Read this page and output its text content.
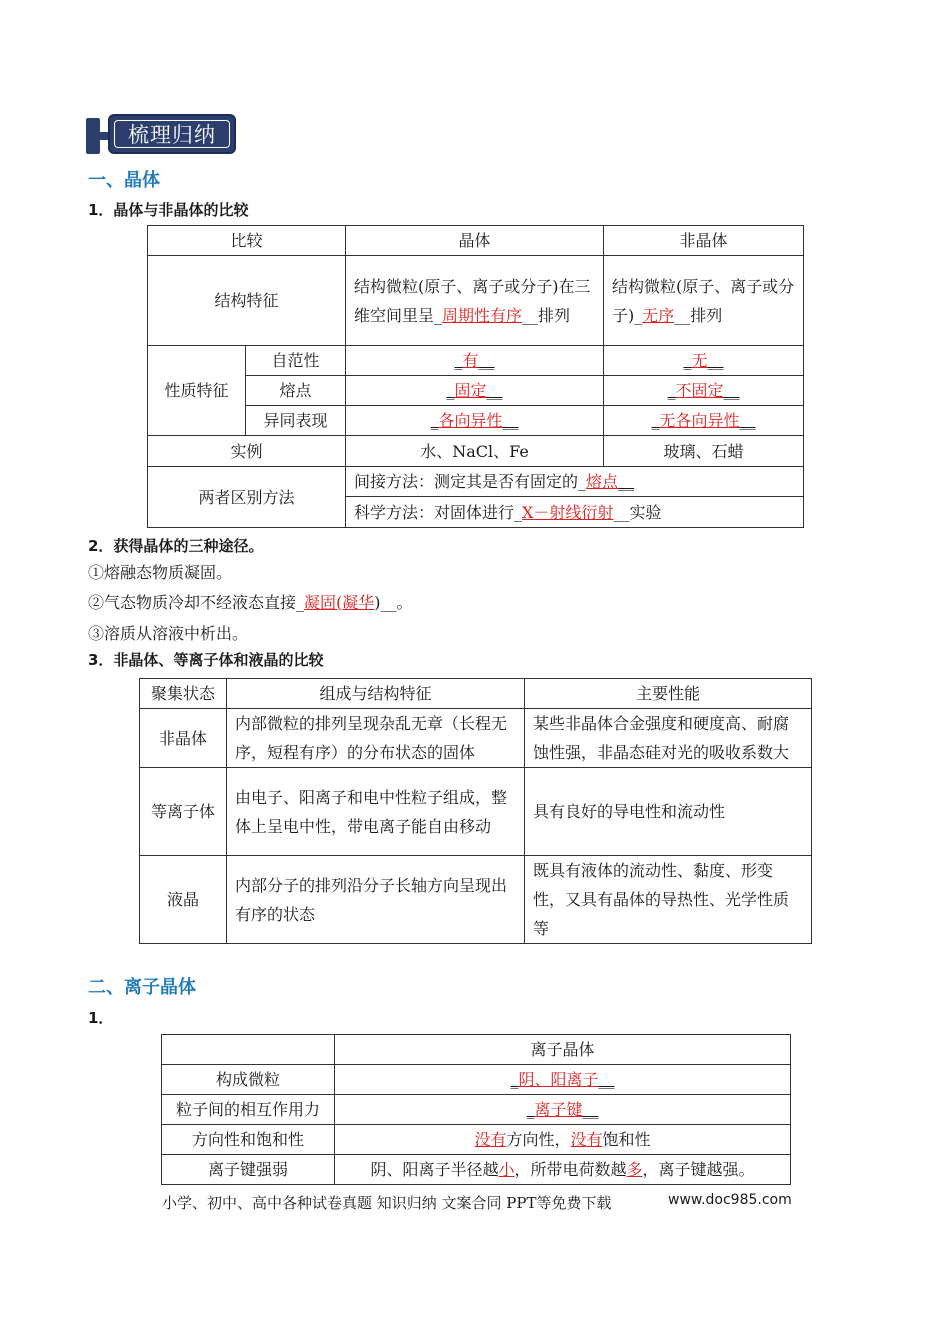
梳理归纳
一、晶体
1．晶体与非晶体的比较
比较		晶体	非晶体
结构特征		结构微粒(原子、离子或分子)在三维空间里呈_周期性有序__排列	结构微粒(原子、离子或分子)_无序__排列
性质特征	自范性	_有__	_无__
	熔点	_固定__	_不固定__
	异同表现	_各向异性__	_无各向异性__
实例		水、NaCl、Fe	玻璃、石蜡
两者区别方法		间接方法：测定其是否有固定的_熔点__	
		科学方法：对固体进行_X－射线衍射__实验	
2．获得晶体的三种途径。
①熔融态物质凝固。
②气态物质冷却不经液态直接_凝固(凝华)__。
③溶质从溶液中析出。
3．非晶体、等离子体和液晶的比较
聚集状态	组成与结构特征	主要性能
非晶体	内部微粒的排列呈现杂乱无章（长程无序，短程有序）的分布状态的固体	某些非晶体合金强度和硬度高、耐腐蚀性强，非晶态硅对光的吸收系数大
等离子体	由电子、阳离子和电中性粒子组成，整体上呈电中性，带电离子能自由移动	具有良好的导电性和流动性
液晶	内部分子的排列沿分子长轴方向呈现出有序的状态	既具有液体的流动性、黏度、形变性，又具有晶体的导热性、光学性质等
二、离子晶体
1．
	离子晶体
构成微粒	_阴、阳离子__
粒子间的相互作用力	_离子键__
方向性和饱和性	没有方向性，没有饱和性
离子键强弱	阴、阳离子半径越小，所带电荷数越多，离子键越强。
小学、初中、高中各种试卷真题 知识归纳 文案合同 PPT等免费下载	www.doc985.com
